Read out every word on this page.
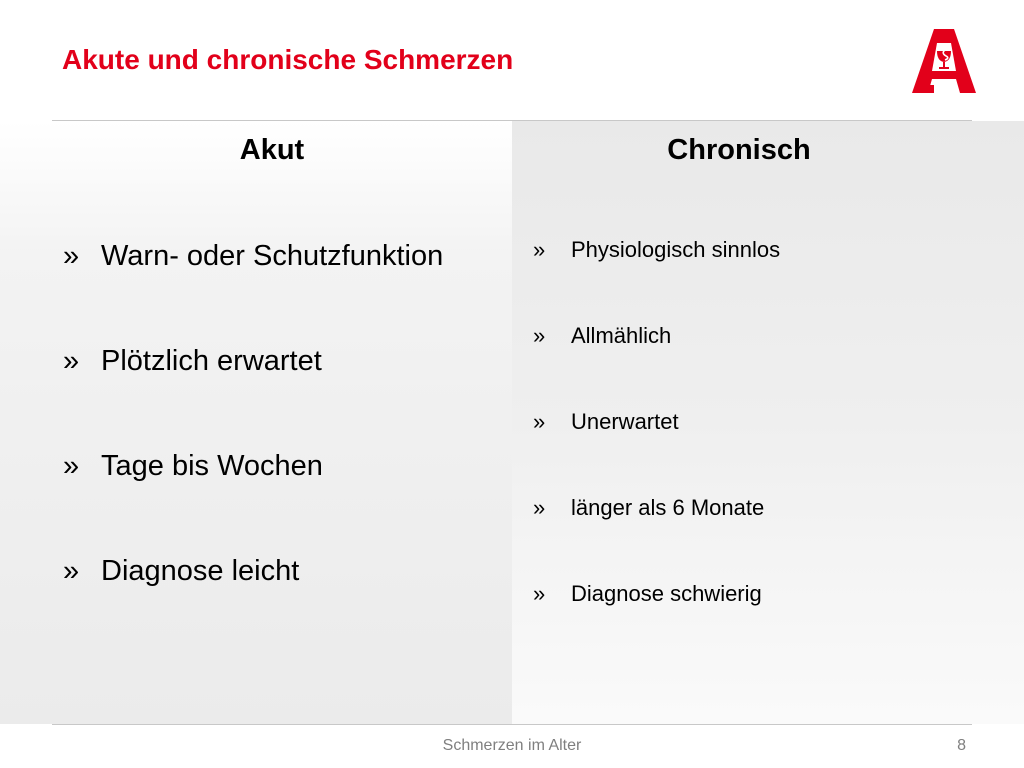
Akute und chronische Schmerzen
Akut
» Warn- oder Schutzfunktion
» Plötzlich erwartet
» Tage bis Wochen
» Diagnose leicht
Chronisch
» Physiologisch sinnlos
» Allmählich
» Unerwartet
» länger als 6 Monate
» Diagnose schwierig

Schmerzen im Alter	8
